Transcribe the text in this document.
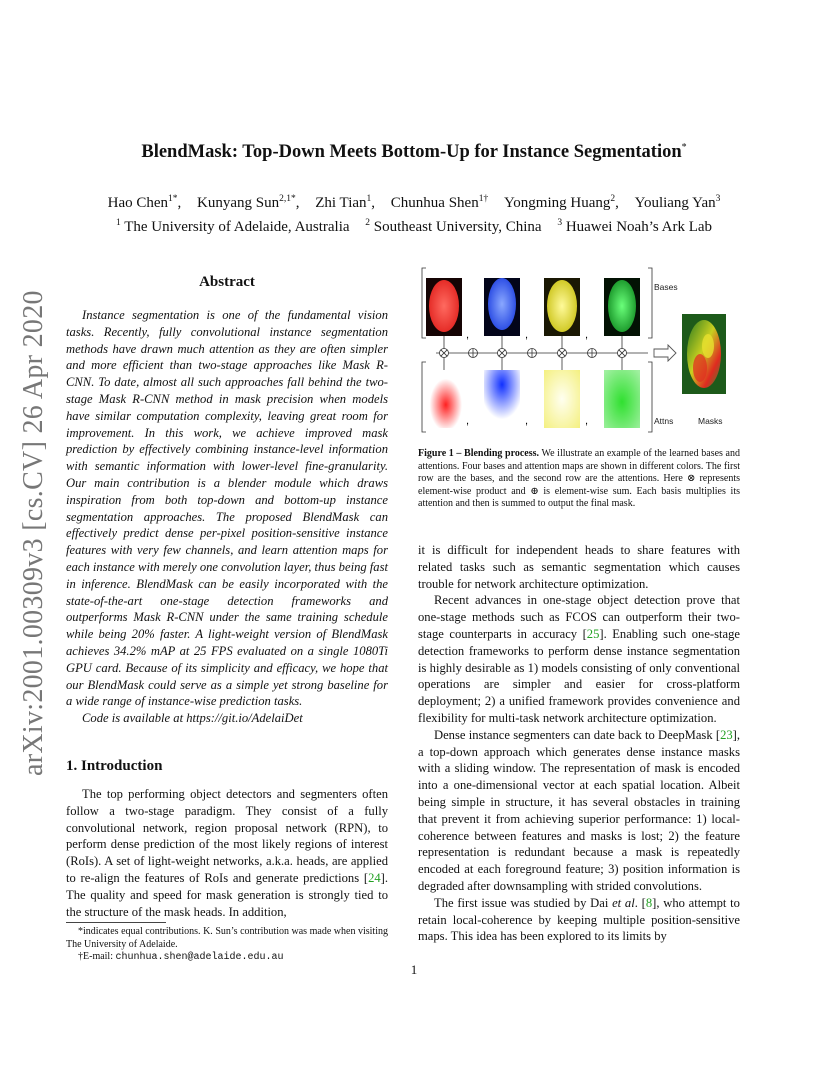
BlendMask: Top-Down Meets Bottom-Up for Instance Segmentation*
Hao Chen$^{1*}$, Kunyang Sun$^{2,1*}$, Zhi Tian$^1$, Chunhua Shen$^{1\dagger}$ Yongming Huang$^2$, Youliang Yan$^3$
$^1$ The University of Adelaide, Australia $^2$ Southeast University, China $^3$ Huawei Noah’s Ark Lab
arXiv:2001.00309v3 [cs.CV] 26 Apr 2020
Abstract

Instance segmentation is one of the fundamental vision tasks. Recently, fully convolutional instance segmentation methods have drawn much attention as they are often simpler and more efficient than two-stage approaches like Mask R-CNN. To date, almost all such approaches fall behind the two-stage Mask R-CNN method in mask precision when models have similar computation complexity, leaving great room for improvement. In this work, we achieve improved mask prediction by effectively combining instance-level information with semantic information with lower-level fine-granularity. Our main contribution is a blender module which draws inspiration from both top-down and bottom-up instance segmentation approaches. The proposed BlendMask can effectively predict dense per-pixel position-sensitive instance features with very few channels, and learn attention maps for each instance with merely one convolution layer, thus being fast in inference. BlendMask can be easily incorporated with the state-of-the-art one-stage detection frameworks and outperforms Mask R-CNN under the same training schedule while being 20% faster. A light-weight version of BlendMask achieves 34.2% mAP at 25 FPS evaluated on a single 1080Ti GPU card. Because of its simplicity and efficacy, we hope that our BlendMask could serve as a simple yet strong baseline for a wide range of instance-wise prediction tasks.

Code is available at https://git.io/AdelaiDet

1. Introduction

The top performing object detectors and segmenters often follow a two-stage paradigm. They consist of a fully convolutional network, region proposal network (RPN), to perform dense prediction of the most likely regions of interest (RoIs). A set of light-weight networks, a.k.a. heads, are applied to re-align the features of RoIs and generate predictions [24]. The quality and speed for mask generation is strongly tied to the structure of the mask heads. In addition,

*indicates equal contributions. K. Sun’s contribution was made when visiting The University of Adelaide.

†E-mail: chunhua.shen@adelaide.edu.au

,	,	,
,	,	,
Bases
Attns	Masks
Figure 1 – Blending process. We illustrate an example of the learned bases and attentions. Four bases and attention maps are shown in different colors. The first row are the bases, and the second row are the attentions. Here ⊗ represents element-wise product and ⊕ is element-wise sum. Each basis multiplies its attention and then is summed to output the final mask.

it is difficult for independent heads to share features with related tasks such as semantic segmentation which causes trouble for network architecture optimization.

Recent advances in one-stage object detection prove that one-stage methods such as FCOS can outperform their two-stage counterparts in accuracy [25]. Enabling such one-stage detection frameworks to perform dense instance segmentation is highly desirable as 1) models consisting of only conventional operations are simpler and easier for cross-platform deployment; 2) a unified framework provides convenience and flexibility for multi-task network architecture optimization.

Dense instance segmenters can date back to DeepMask [23], a top-down approach which generates dense instance masks with a sliding window. The representation of mask is encoded into a one-dimensional vector at each spatial location. Albeit being simple in structure, it has several obstacles in training that prevent it from achieving superior performance: 1) local-coherence between features and masks is lost; 2) the feature representation is redundant because a mask is repeatedly encoded at each foreground feature; 3) position information is degraded after downsampling with strided convolutions.

The first issue was studied by Dai et al. [8], who attempt to retain local-coherence by keeping multiple position-sensitive maps. This idea has been explored to its limits by

1
